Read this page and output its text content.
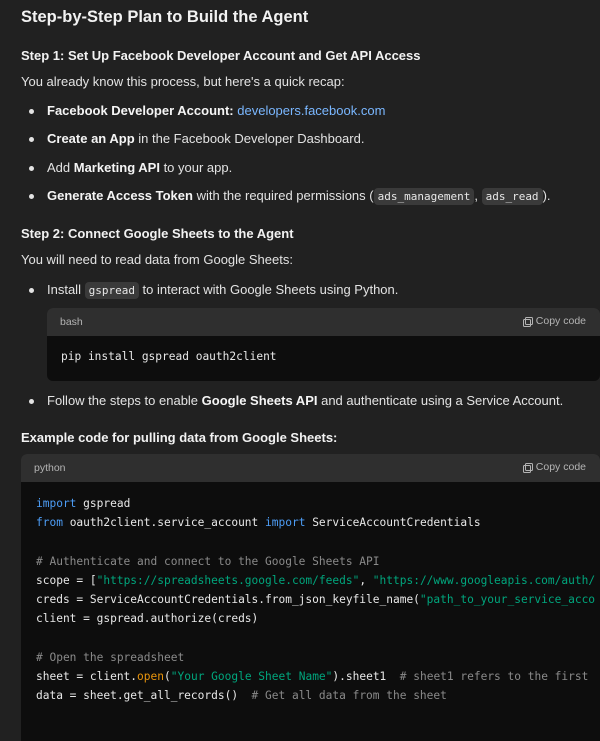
Step-by-Step Plan to Build the Agent
Step 1: Set Up Facebook Developer Account and Get API Access
You already know this process, but here's a quick recap:
Facebook Developer Account: developers.facebook.com
Create an App in the Facebook Developer Dashboard.
Add Marketing API to your app.
Generate Access Token with the required permissions ( ads_management , ads_read ).
Step 2: Connect Google Sheets to the Agent
You will need to read data from Google Sheets:
Install gspread to interact with Google Sheets using Python.
bash	Copy code
pip install gspread oauth2client
Follow the steps to enable Google Sheets API and authenticate using a Service Account.
Example code for pulling data from Google Sheets:
python	Copy code
import gspread
from oauth2client.service_account import ServiceAccountCredentials

# Authenticate and connect to the Google Sheets API
scope = ["https://spreadsheets.google.com/feeds", "https://www.googleapis.com/auth/
creds = ServiceAccountCredentials.from_json_keyfile_name("path_to_your_service_acco
client = gspread.authorize(creds)

# Open the spreadsheet
sheet = client.open("Your Google Sheet Name").sheet1  # sheet1 refers to the first
data = sheet.get_all_records()  # Get all data from the sheet
